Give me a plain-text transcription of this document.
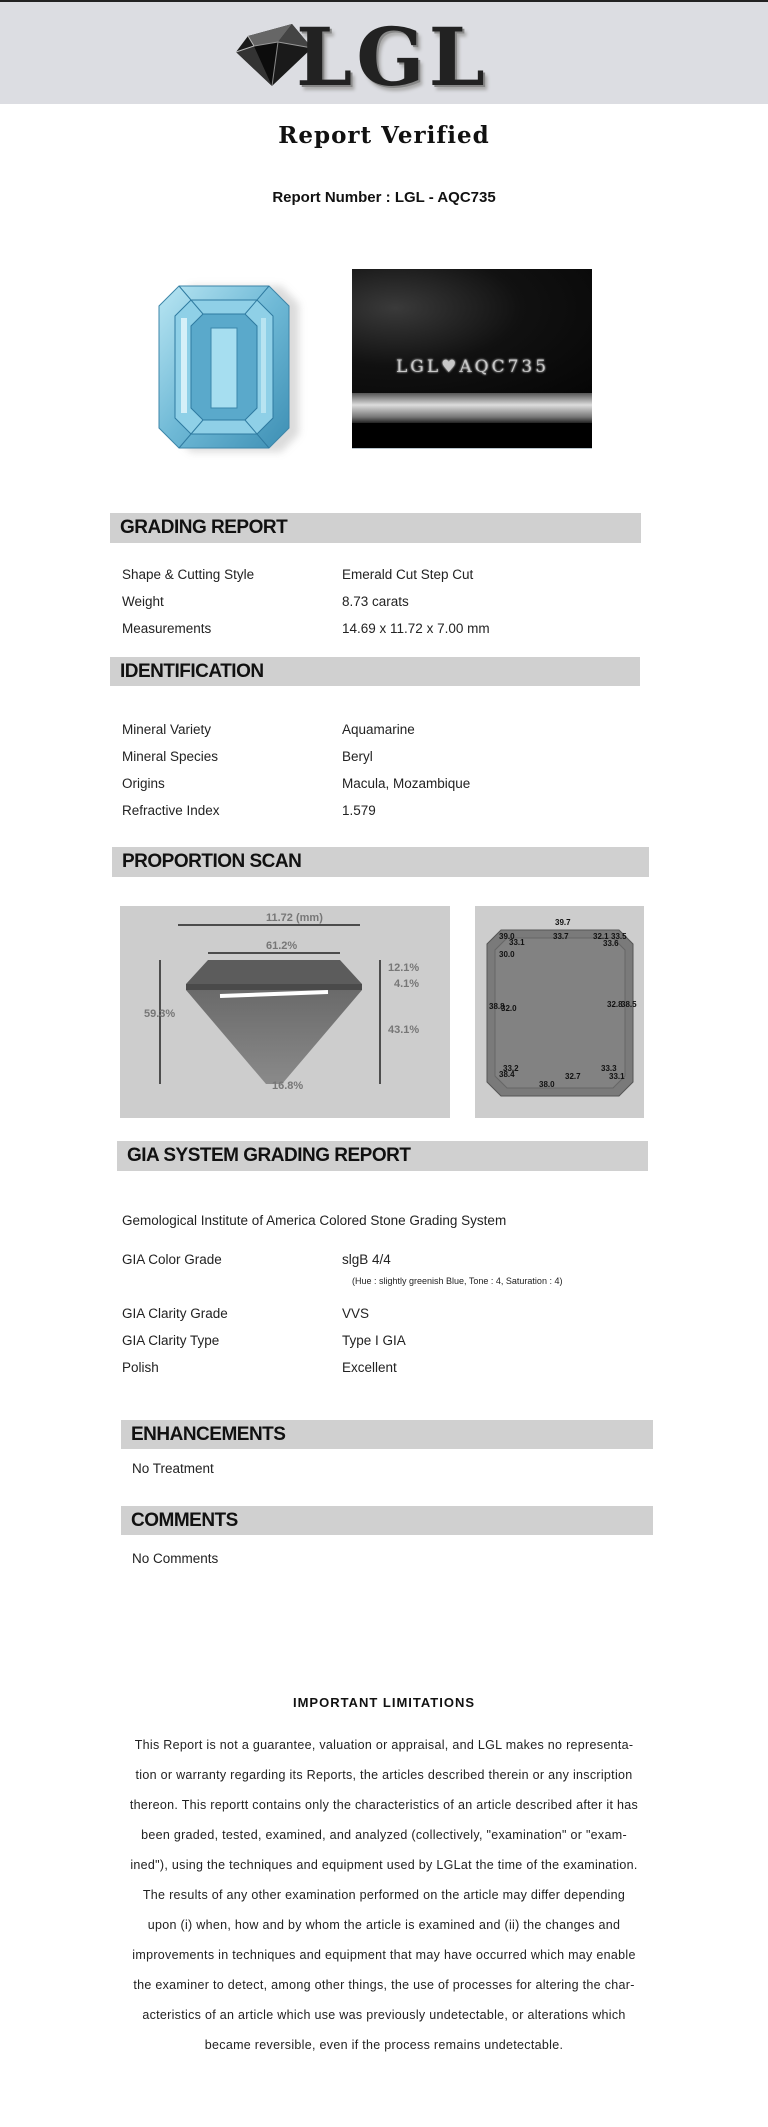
LGL
Report Verified
Report Number : LGL - AQC735
LGL♥AQC735
GRADING REPORT
Shape & Cutting Style	Emerald Cut Step Cut
Weight	8.73 carats
Measurements	14.69 x 11.72 x 7.00 mm
IDENTIFICATION
Mineral Variety	Aquamarine
Mineral Species	Beryl
Origins	Macula, Mozambique
Refractive Index	1.579
PROPORTION SCAN
11.72 (mm)
61.2%
59.3%
12.1%
4.1%
43.1%
16.8%
39.7
39.0
33.1
33.7	32.1 33.5
33.6
30.0
38.8
32.0	32.8
38.5
38.4
33.3
33.2
32.7	33.1
38.0
GIA SYSTEM GRADING REPORT
Gemological Institute of America Colored Stone Grading System
GIA Color Grade	slgB 4/4
(Hue : slightly greenish Blue, Tone : 4, Saturation : 4)
GIA Clarity Grade	VVS
GIA Clarity Type	Type I GIA
Polish	Excellent
ENHANCEMENTS
No Treatment
COMMENTS
No Comments
IMPORTANT LIMITATIONS
This Report is not a guarantee, valuation or appraisal, and LGL makes no representa-
tion or warranty regarding its Reports, the articles described therein or any inscription
thereon. This reportt contains only the characteristics of an article described after it has
been graded, tested, examined, and analyzed (collectively, "examination" or "exam-
ined"), using the techniques and equipment used by LGLat the time of the examination.
The results of any other examination performed on the article may differ depending
upon (i) when, how and by whom the article is examined and (ii) the changes and
improvements in techniques and equipment that may have occurred which may enable
the examiner to detect, among other things, the use of processes for altering the char-
acteristics of an article which use was previously undetectable, or alterations which
became reversible, even if the process remains undetectable.
